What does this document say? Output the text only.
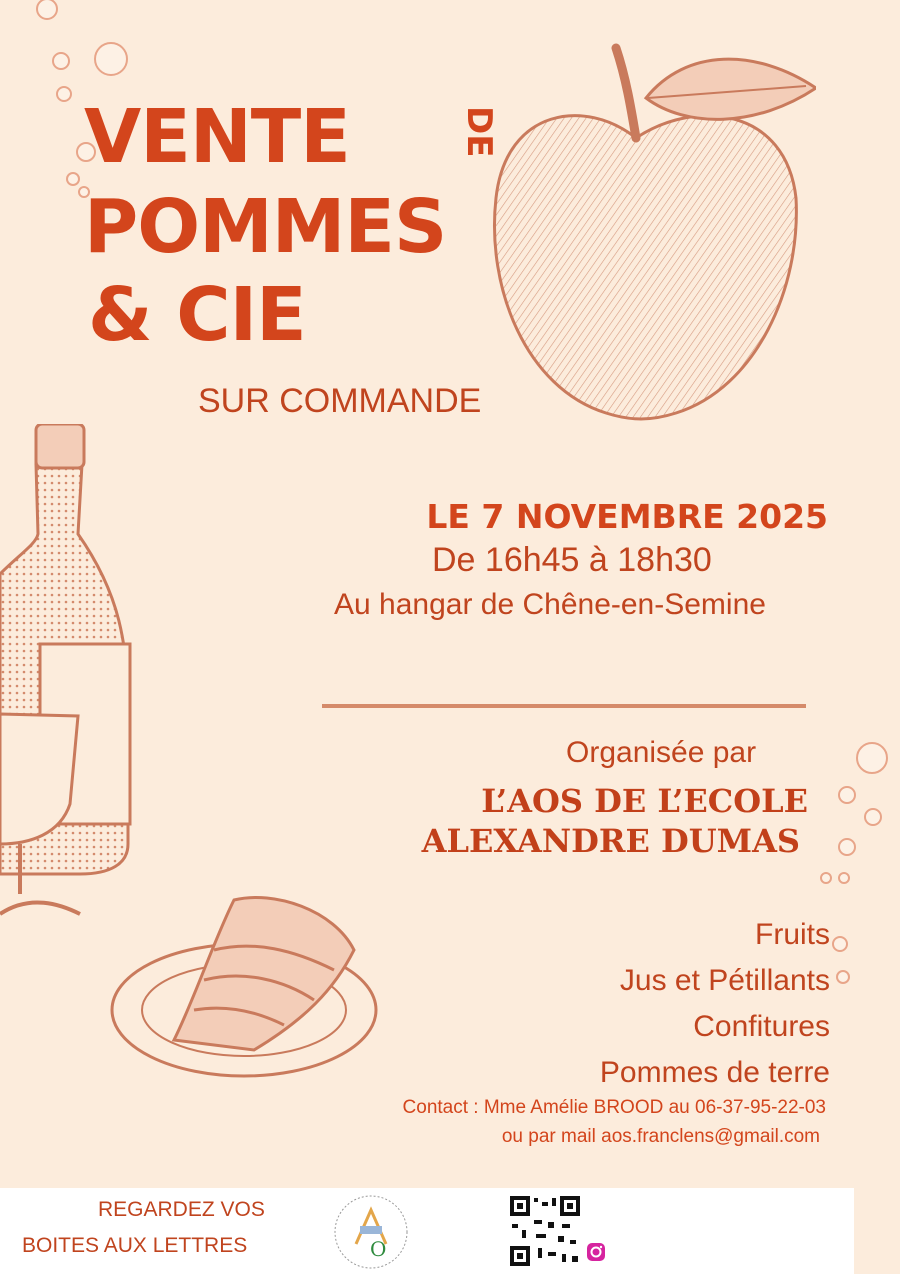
VENTE	DE
POMMES
& CIE
SUR COMMANDE
LE 7 NOVEMBRE 2025
De 16h45 à 18h30
Au hangar de Chêne-en-Semine
Organisée par
L’AOS DE L’ECOLE
ALEXANDRE DUMAS
Fruits
Jus et Pétillants
Confitures
Pommes de terre
Contact : Mme Amélie BROOD au 06-37-95-22-03
ou par mail aos.franclens@gmail.com
REGARDEZ VOS
BOITES AUX LETTRES	O
